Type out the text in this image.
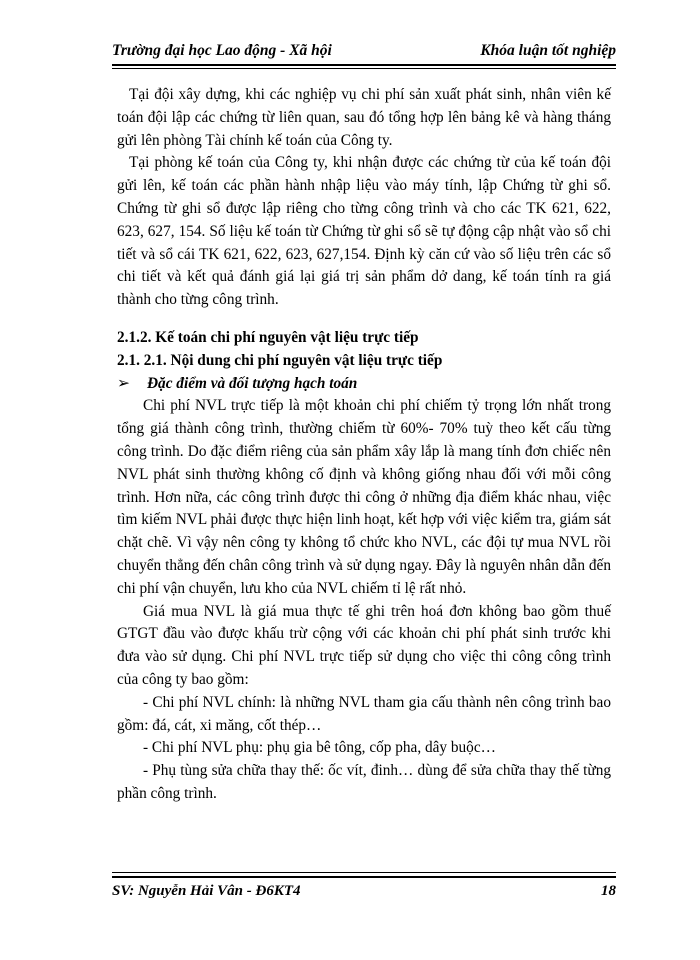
Trường đại học Lao động - Xã hội	Khóa luận tốt nghiệp

Tại đội xây dựng, khi các nghiệp vụ chi phí sản xuất phát sinh, nhân viên kế toán đội lập các chứng từ liên quan, sau đó tổng hợp lên bảng kê và hàng tháng gửi lên phòng Tài chính kế toán của Công ty.

Tại phòng kế toán của Công ty, khi nhận được các chứng từ của kế toán đội gửi lên, kế toán các phần hành nhập liệu vào máy tính, lập Chứng từ ghi sổ. Chứng từ ghi sổ được lập riêng cho từng công trình và cho các TK 621, 622, 623, 627, 154. Số liệu kế toán từ Chứng từ ghi sổ sẽ tự động cập nhật vào sổ chi tiết và sổ cái TK 621, 622, 623, 627,154. Định kỳ căn cứ vào số liệu trên các sổ chi tiết và kết quả đánh giá lại giá trị sản phẩm dở dang, kế toán tính ra giá thành cho từng công trình.

2.1.2. Kế toán chi phí nguyên vật liệu trực tiếp
2.1. 2.1. Nội dung chi phí nguyên vật liệu trực tiếp
➢ Đặc điểm và đối tượng hạch toán

Chi phí NVL trực tiếp là một khoản chi phí chiếm tỷ trọng lớn nhất trong tổng giá thành công trình, thường chiếm từ 60%- 70% tuỳ theo kết cấu từng công trình. Do đặc điểm riêng của sản phẩm xây lắp là mang tính đơn chiếc nên NVL phát sinh thường không cố định và không giống nhau đối với mỗi công trình. Hơn nữa, các công trình được thi công ở những địa điểm khác nhau, việc tìm kiếm NVL phải được thực hiện linh hoạt, kết hợp với việc kiểm tra, giám sát chặt chẽ. Vì vậy nên công ty không tổ chức kho NVL, các đội tự mua NVL rồi chuyển thẳng đến chân công trình và sử dụng ngay. Đây là nguyên nhân dẫn đến chi phí vận chuyển, lưu kho của NVL chiếm tỉ lệ rất nhỏ.

Giá mua NVL là giá mua thực tế ghi trên hoá đơn không bao gồm thuế GTGT đầu vào được khấu trừ cộng với các khoản chi phí phát sinh trước khi đưa vào sử dụng. Chi phí NVL trực tiếp sử dụng cho việc thi công công trình của công ty bao gồm:

- Chi phí NVL chính: là những NVL tham gia cấu thành nên công trình bao gồm: đá, cát, xi măng, cốt thép…

- Chi phí NVL phụ: phụ gia bê tông, cốp pha, dây buộc…

- Phụ tùng sửa chữa thay thế: ốc vít, đinh… dùng để sửa chữa thay thế từng phần công trình.

SV: Nguyễn Hải Vân - Đ6KT4	18
